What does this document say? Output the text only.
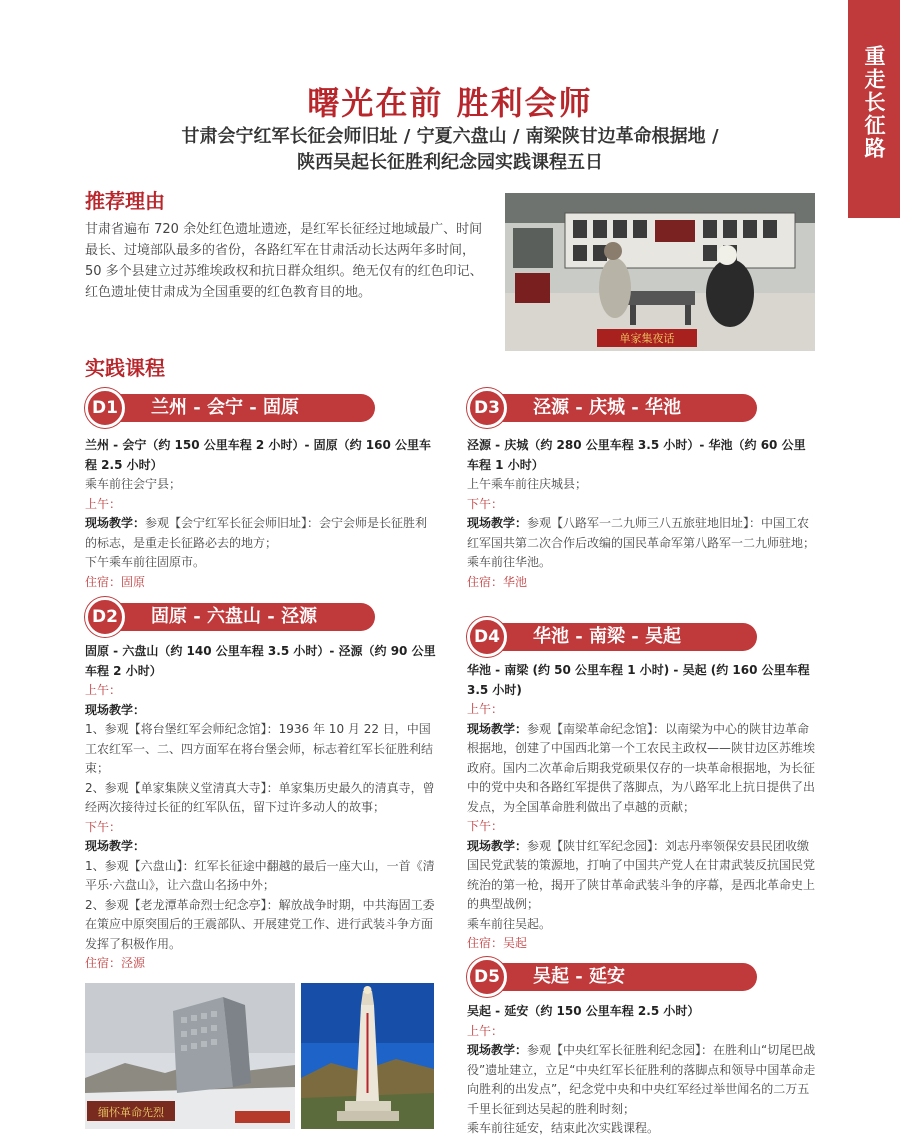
重走长征路
曙光在前 胜利会师
甘肃会宁红军长征会师旧址 / 宁夏六盘山 / 南梁陕甘边革命根据地 /
陕西吴起长征胜利纪念园实践课程五日
推荐理由
甘肃省遍布 720 余处红色遗址遗迹，是红军长征经过地域最广、时间最长、过境部队最多的省份，各路红军在甘肃活动长达两年多时间，50 多个县建立过苏维埃政权和抗日群众组织。绝无仅有的红色印记、红色遗址使甘肃成为全国重要的红色教育目的地。
单家集夜话
实践课程
D1	兰州 - 会宁 - 固原

兰州 - 会宁（约 150 公里车程 2 小时）- 固原（约 160 公里车程 2.5 小时）

乘车前往会宁县；

上午：

现场教学：参观【会宁红军长征会师旧址】：会宁会师是长征胜利的标志，是重走长征路必去的地方；

下午乘车前往固原市。

住宿：固原

D2	固原 - 六盘山 - 泾源

固原 - 六盘山（约 140 公里车程 3.5 小时）- 泾源（约 90 公里车程 2 小时）

上午：

现场教学：

1、参观【将台堡红军会师纪念馆】：1936 年 10 月 22 日，中国工农红军一、二、四方面军在将台堡会师，标志着红军长征胜利结束；

2、参观【单家集陕义堂清真大寺】：单家集历史最久的清真寺，曾经两次接待过长征的红军队伍，留下过许多动人的故事；

下午：

现场教学：

1、参观【六盘山】：红军长征途中翻越的最后一座大山，一首《清平乐·六盘山》，让六盘山名扬中外；

2、参观【老龙潭革命烈士纪念亭】：解放战争时期，中共海固工委在策应中原突围后的王震部队、开展建党工作、进行武装斗争方面发挥了积极作用。

住宿：泾源

D3	泾源 - 庆城 - 华池

泾源 - 庆城（约 280 公里车程 3.5 小时）- 华池（约 60 公里车程 1 小时）

上午乘车前往庆城县；

下午：

现场教学：参观【八路军一二九师三八五旅驻地旧址】：中国工农红军国共第二次合作后改编的国民革命军第八路军一二九师驻地；

乘车前往华池。

住宿：华池

D4	华池 - 南梁 - 吴起

华池 - 南梁 (约 50 公里车程 1 小时) - 吴起 (约 160 公里车程 3.5 小时)

上午：

现场教学：参观【南梁革命纪念馆】：以南梁为中心的陕甘边革命根据地，创建了中国西北第一个工农民主政权——陕甘边区苏维埃政府。国内二次革命后期我党硕果仅存的一块革命根据地，为长征中的党中央和各路红军提供了落脚点，为八路军北上抗日提供了出发点，为全国革命胜利做出了卓越的贡献；

下午：

现场教学：参观【陕甘红军纪念园】：刘志丹率领保安县民团收缴国民党武装的策源地，打响了中国共产党人在甘肃武装反抗国民党统治的第一枪，揭开了陕甘革命武装斗争的序幕，是西北革命史上的典型战例；

乘车前往吴起。

住宿：吴起

D5	吴起 - 延安

吴起 - 延安（约 150 公里车程 2.5 小时）

上午：

现场教学：参观【中央红军长征胜利纪念园】：在胜利山“切尾巴战役”遗址建立，立足“中央红军长征胜利的落脚点和领导中国革命走向胜利的出发点”，纪念党中央和中央红军经过举世闻名的二万五千里长征到达吴起的胜利时刻；

乘车前往延安，结束此次实践课程。

缅怀革命先烈
